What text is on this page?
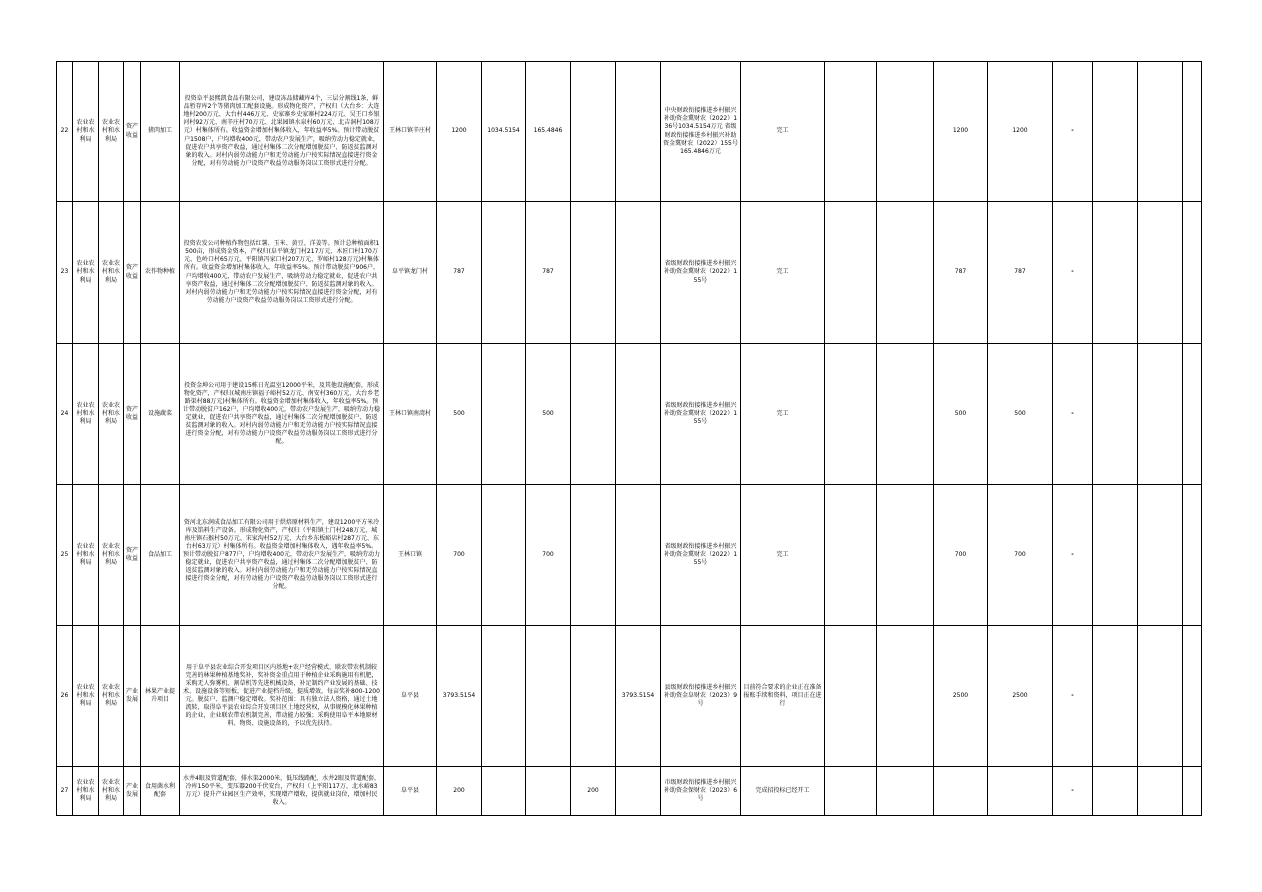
22	农业农村和水利局	农业农村和水利局	资产收益	猪肉加工	投资阜平县熙凯食品有限公司，建设冻品储藏库4个，三层分割线1条，鲜品暂存库2个等猪肉加工配套设施。形成物化资产，产权归（大台乡：大连地村200万元、大台村446万元、史家寨乡史家寨村224万元、吴王口乡银河村92万元、南辛庄村70万元、北果园镇水泉村60万元、北吉洞村108万元）村集体所有。收益资金增加村集体收入，年收益率5%。预计带动脱贫户1508户，户均增收400元，带动农户发展生产，吸纳劳动力稳定就业，促进农户共享资产收益，通过村集体二次分配增加脱贫户、防返贫监测对象的收入。对村内弱劳动能力户和无劳动能力户按实际情况直接进行资金分配，对有劳动能力户设资产收益劳动服务岗以工资形式进行分配。	王林口镇辛庄村	1200	1034.5154	165.4846			中央财政衔接推进乡村振兴补助资金冀财农（2022）136号1034.5154万元 省级财政衔接推进乡村振兴补助资金冀财农（2022）155号165.4846万元	完工			1200	1200	-			
23	农业农村和水利局	农业农村和水利局	资产收益	农作物种植	投资农发公司种植作物包括红薯、玉米、黄豆、洋姜等。预计总种植面积1500亩，形成资金资本，产权归(阜平镇龙门村217万元、木匠口村170万元、色岭口村65万元、平阳镇冯家口村207万元、罗峪村128万元)村集体所有。收益资金增加村集体收入，年收益率5%。预计带动脱贫户906户，户均增收400元，带动农户发展生产，吸纳劳动力稳定就业，促进农户共享资产收益，通过村集体二次分配增加脱贫户、防返贫监测对象的收入。对村内弱劳动能力户和无劳动能力户按实际情况直接进行资金分配，对有劳动能力户设资产收益劳动服务岗以工资形式进行分配。	阜平镇龙门村	787		787			省级财政衔接推进乡村振兴补助资金冀财农（2022）155号	完工			787	787	-			
24	农业农村和水利局	农业农村和水利局	资产收益	设施蔬菜	投资金坤公司用于建设15栋日光温室12000平米，及其他设施配套，形成物化资产，产权归(城南庄镇福子峪村52万元、南安村360万元、大台乡老路渠村88万元)村集体所有。收益资金增加村集体收入，年收益率5%。预计带动脱贫户162户，户均增收400元，带动农户发展生产，吸纳劳动力稳定就业，促进农户共享资产收益，通过村集体二次分配增加脱贫户、防返贫监测对象的收入。对村内弱劳动能力户和无劳动能力户按实际情况直接进行资金分配，对有劳动能力户设资产收益劳动服务岗以工资形式进行分配。	王林口镇南湾村	500		500			省级财政衔接推进乡村振兴补助资金冀财农（2022）155号	完工			500	500	-			
25	农业农村和水利局	农业农村和水利局	资产收益	食品加工	资河北东润成食品加工有限公司用于烘焙原材料生产，建设1200平方米冷库及馅料生产设备。形成物化资产，产权归（平阳镇土门村248万元、城南庄镇石猴村50万元、宋家沟村52万元、大台乡东板峪店村287万元、东台村63万元）村集体所有。收益资金增加村集体收入，遇年收益率5%。预计带动脱贫户877户，户均增收400元，带动农户发展生产，吸纳劳动力稳定就业，促进农户共享资产收益，通过村集体二次分配增加脱贫户、防返贫监测对象的收入。对村内弱劳动能力户和无劳动能力户按实际情况直接进行资金分配，对有劳动能力户设资产收益劳动服务岗以工资形式进行分配。	王林口镇	700		700			省级财政衔接推进乡村振兴补助资金冀财农（2022）155号	完工			700	700	-			
26	农业农村和水利局	农业农村和水利局	产业发展	林果产业提升项目	用于阜平县农业综合开发项目区内基地+农户经营模式、联农带农机制较完善的林果种植基地奖补，奖补资金重点用于种植企业采购施用有机肥，采购无人弥雾机、割草机等先进机械设备，补足制约产业发展的基础、技术、设施设备等短板，促进产业提档升级，提质增效，每亩奖补800-1200元。脱贫户、监测户稳定增收。奖补范围：具有独立法人资格，通过土地流转，取得阜平县农业综合开发项目区土地经营权，从事规模化林果种植的企业，企业联农带农机制完善，带动能力较强；采购使用阜平本地原材料、物资、设施设备的，予以优先扶持。	阜平县	3793.5154				3793.5154	县级财政衔接推进乡村振兴补助资金阜财农（2023）9号	目前符合要求的企业正在准备报账手续和资料，项目正在进行			2500	2500	-			
27	农业农村和水利局	农业农村和水利局	产业发展	食用菌水利配套	水井4眼及管道配套，排水渠2000米，低压线路配，水井2眼及管道配套，冷库150平米，变压器200千伏安台，产权归（上平阳117万、北水峪83万元）提升产业园区生产效率，实现增产增收，提供就业岗位，增加村民收入。	阜平县	200			200		市级财政衔接推进乡村振兴补助资金保财农（2023）6号	完成招投标已经开工					-			
